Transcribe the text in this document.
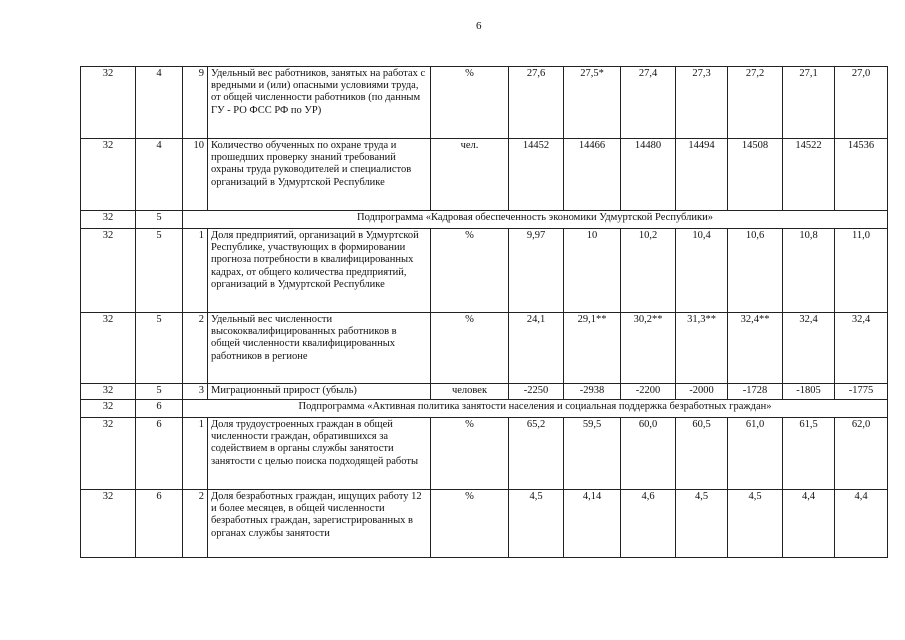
6
32	4	9	Удельный вес работников, занятых на работах с вредными и (или) опасными условиями труда, от общей численности работников (по данным ГУ - РО ФСС РФ по УР)	%	27,6	27,5*	27,4	27,3	27,2	27,1	27,0
32	4	10	Количество обученных по охране труда и прошедших проверку знаний требований охраны труда руководителей и специалистов организаций в Удмуртской Республике	чел.	14452	14466	14480	14494	14508	14522	14536
32	5	Подпрограмма «Кадровая обеспеченность экономики Удмуртской Республики»									
32	5	1	Доля предприятий, организаций в Удмуртской Республике, участвующих в формировании прогноза потребности в квалифицированных кадрах, от общего количества предприятий, организаций в Удмуртской Республике	%	9,97	10	10,2	10,4	10,6	10,8	11,0
32	5	2	Удельный вес численности высококвалифицированных работников в общей численности квалифицированных работников в регионе	%	24,1	29,1**	30,2**	31,3**	32,4**	32,4	32,4
32	5	3	Миграционный прирост (убыль)	человек	-2250	-2938	-2200	-2000	-1728	-1805	-1775
32	6	Подпрограмма «Активная политика занятости населения и социальная поддержка безработных граждан»									
32	6	1	Доля трудоустроенных граждан в общей численности граждан, обратившихся за содействием в органы службы занятости занятости с целью поиска подходящей работы	%	65,2	59,5	60,0	60,5	61,0	61,5	62,0
32	6	2	Доля безработных граждан, ищущих работу 12 и более месяцев, в общей численности безработных граждан, зарегистрированных в органах службы занятости	%	4,5	4,14	4,6	4,5	4,5	4,4	4,4
